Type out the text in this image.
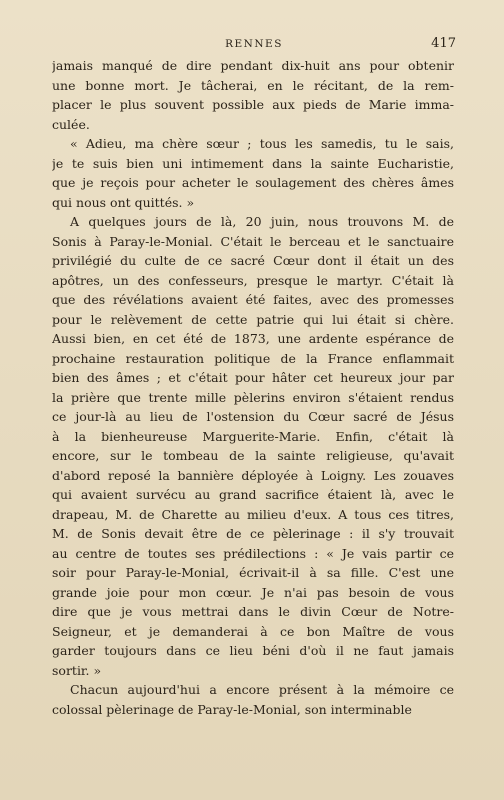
RENNES	417

jamais manqué de dire pendant dix-huit ans pour obtenir
une bonne mort. Je tâcherai, en le récitant, de la rem-
placer le plus souvent possible aux pieds de Marie imma-
culée.

« Adieu, ma chère sœur ; tous les samedis, tu le sais,
je te suis bien uni intimement dans la sainte Eucharistie,
que je reçois pour acheter le soulagement des chères âmes
qui nous ont quittés. »

A quelques jours de là, 20 juin, nous trouvons M. de
Sonis à Paray-le-Monial. C'était le berceau et le sanctuaire
privilégié du culte de ce sacré Cœur dont il était un des
apôtres, un des confesseurs, presque le martyr. C'était là
que des révélations avaient été faites, avec des promesses
pour le relèvement de cette patrie qui lui était si chère.
Aussi bien, en cet été de 1873, une ardente espérance de
prochaine restauration politique de la France enflammait
bien des âmes ; et c'était pour hâter cet heureux jour par
la prière que trente mille pèlerins environ s'étaient rendus
ce jour-là au lieu de l'ostension du Cœur sacré de Jésus
à la bienheureuse Marguerite-Marie. Enfin, c'était là
encore, sur le tombeau de la sainte religieuse, qu'avait
d'abord reposé la bannière déployée à Loigny. Les zouaves
qui avaient survécu au grand sacrifice étaient là, avec le
drapeau, M. de Charette au milieu d'eux. A tous ces titres,
M. de Sonis devait être de ce pèlerinage : il s'y trouvait
au centre de toutes ses prédilections : « Je vais partir ce
soir pour Paray-le-Monial, écrivait-il à sa fille. C'est une
grande joie pour mon cœur. Je n'ai pas besoin de vous
dire que je vous mettrai dans le divin Cœur de Notre-
Seigneur, et je demanderai à ce bon Maître de vous
garder toujours dans ce lieu béni d'où il ne faut jamais
sortir. »

Chacun aujourd'hui a encore présent à la mémoire ce
colossal pèlerinage de Paray-le-Monial, son interminable
